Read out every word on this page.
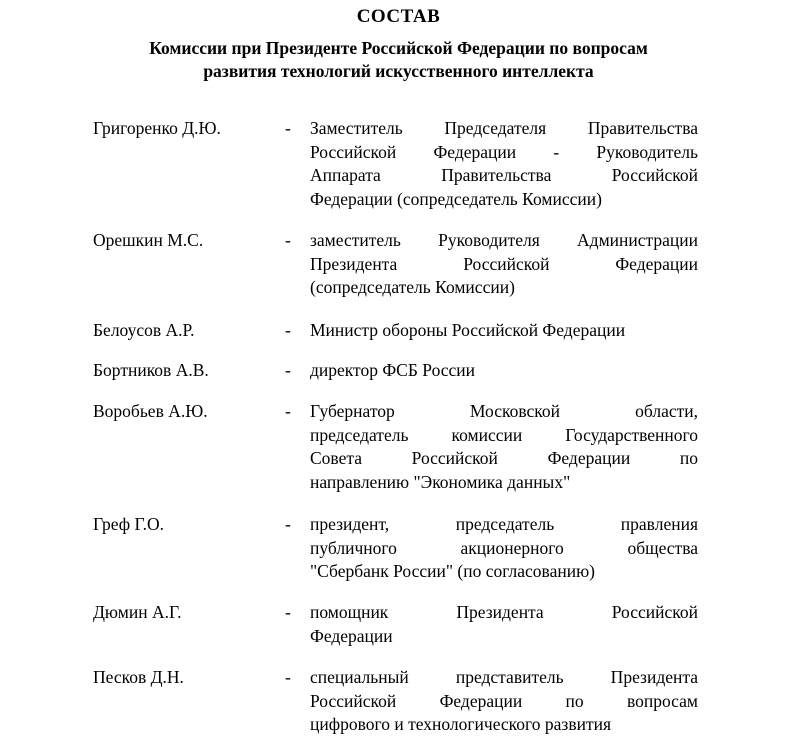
СОСТАВ
Комиссии при Президенте Российской Федерации по вопросам
развития технологий искусственного интеллекта
Григоренко Д.Ю.	- Заместитель Председателя Правительства
Российской Федерации - Руководитель
Аппарата Правительства Российской
Федерации (сопредседатель Комиссии)
Орешкин М.С.	- заместитель Руководителя Администрации
Президента Российской Федерации
(сопредседатель Комиссии)
Белоусов А.Р.	- Министр обороны Российской Федерации
Бортников А.В.	- директор ФСБ России
Воробьев А.Ю.	- Губернатор Московской области,
председатель комиссии Государственного
Совета Российской Федерации по
направлению "Экономика данных"
Греф Г.О.	- президент, председатель правления
публичного акционерного общества
"Сбербанк России" (по согласованию)
Дюмин А.Г.	- помощник Президента Российской
Федерации
Песков Д.Н.	- специальный представитель Президента
Российской Федерации по вопросам
цифрового и технологического развития
